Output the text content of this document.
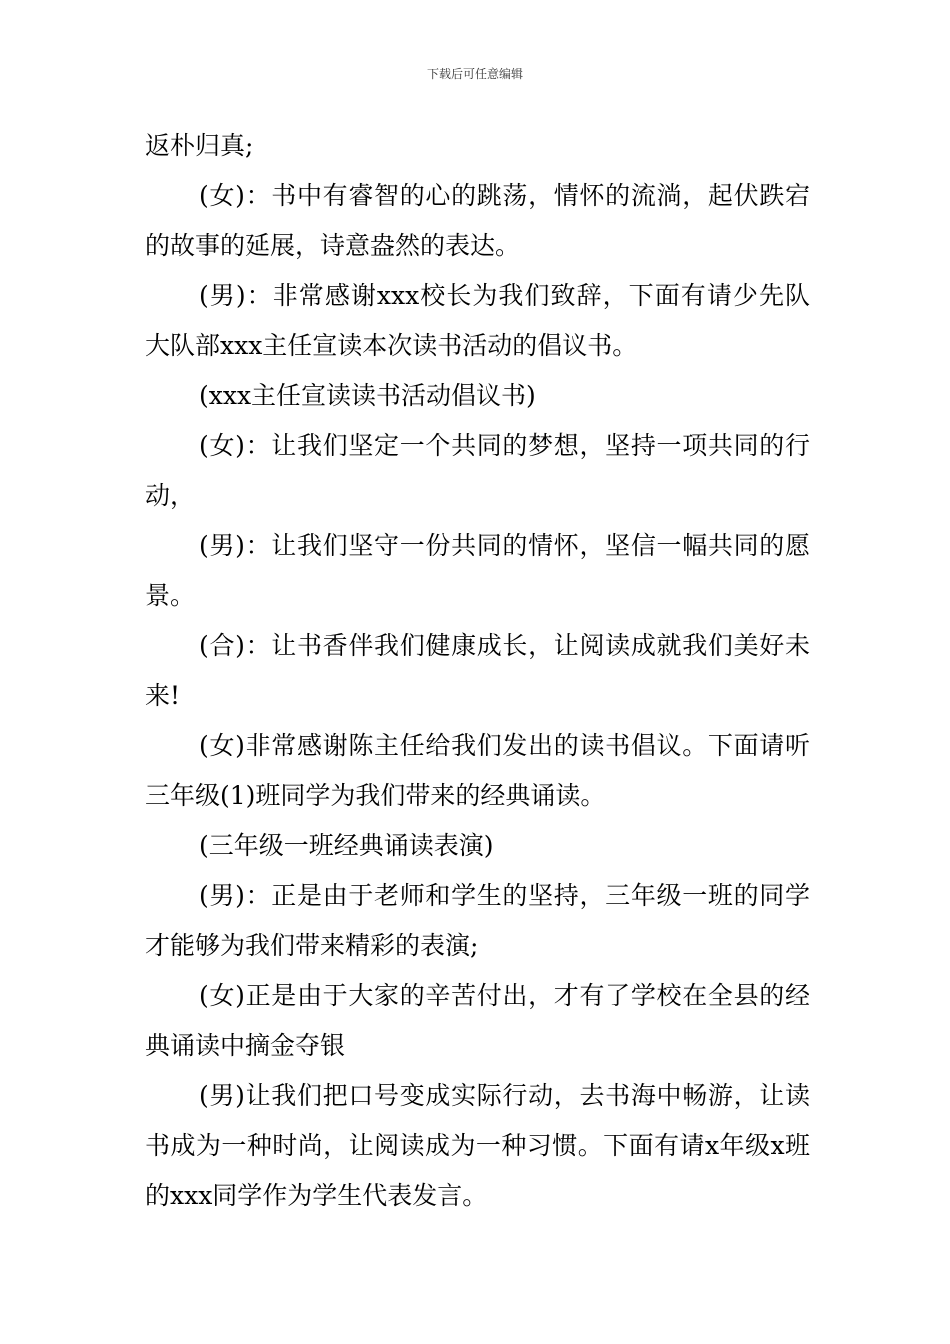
下载后可任意编辑

返朴归真;

(女)：书中有睿智的心的跳荡，情怀的流淌，起伏跌宕的故事的延展，诗意盎然的表达。

(男)：非常感谢xxx校长为我们致辞，下面有请少先队大队部xxx主任宣读本次读书活动的倡议书。

(xxx主任宣读读书活动倡议书)

(女)：让我们坚定一个共同的梦想，坚持一项共同的行动，

(男)：让我们坚守一份共同的情怀，坚信一幅共同的愿景。

(合)：让书香伴我们健康成长，让阅读成就我们美好未来!

(女)非常感谢陈主任给我们发出的读书倡议。下面请听三年级(1)班同学为我们带来的经典诵读。

(三年级一班经典诵读表演)

(男)：正是由于老师和学生的坚持，三年级一班的同学才能够为我们带来精彩的表演;

(女)正是由于大家的辛苦付出，才有了学校在全县的经典诵读中摘金夺银

(男)让我们把口号变成实际行动，去书海中畅游，让读书成为一种时尚，让阅读成为一种习惯。下面有请x年级x班的xxx同学作为学生代表发言。
